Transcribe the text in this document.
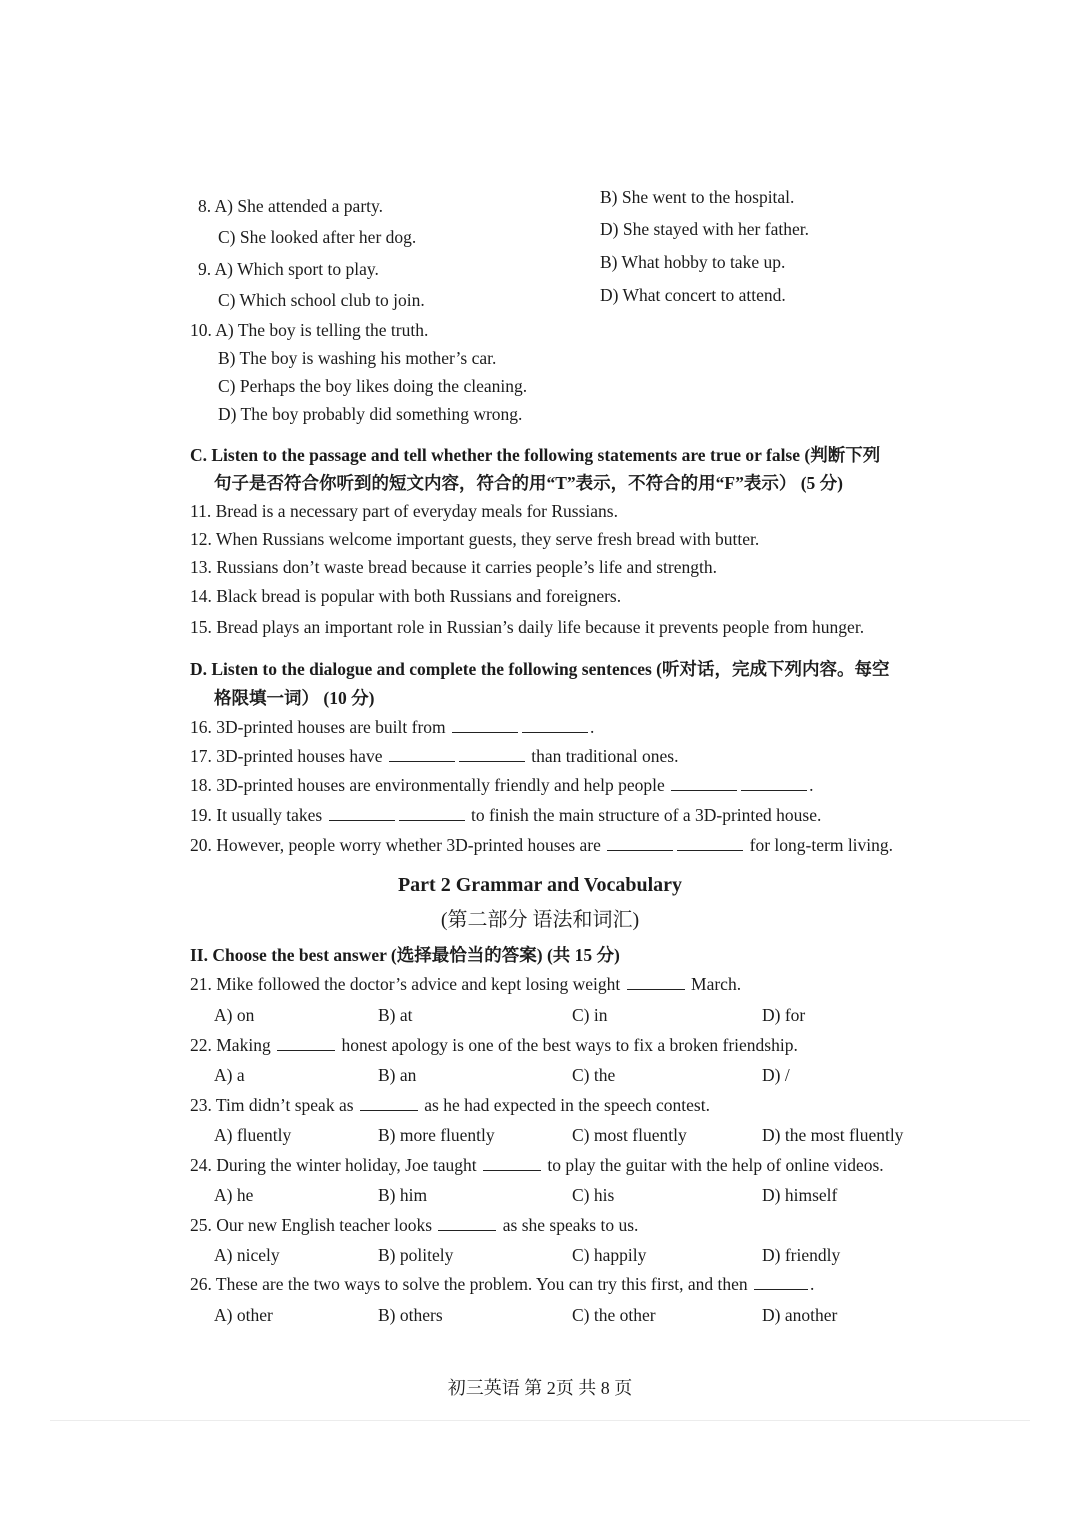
8. A) She attended a party.	B) She went to the hospital.
C) She looked after her dog.	D) She stayed with her father.
9. A) Which sport to play.	B) What hobby to take up.
C) Which school club to join.	D) What concert to attend.
10. A) The boy is telling the truth.
B) The boy is washing his mother’s car.
C) Perhaps the boy likes doing the cleaning.
D) The boy probably did something wrong.
C. Listen to the passage and tell whether the following statements are true or false (判断下列
句子是否符合你听到的短文内容，符合的用“T”表示，不符合的用“F”表示） (5 分)
11. Bread is a necessary part of everyday meals for Russians.
12. When Russians welcome important guests, they serve fresh bread with butter.
13. Russians don’t waste bread because it carries people’s life and strength.
14. Black bread is popular with both Russians and foreigners.
15. Bread plays an important role in Russian’s daily life because it prevents people from hunger.
D. Listen to the dialogue and complete the following sentences (听对话，完成下列内容。每空
格限填一词） (10 分)
16. 3D-printed houses are built from	.
17. 3D-printed houses have	than traditional ones.
18. 3D-printed houses are environmentally friendly and help people	.
19. It usually takes	to finish the main structure of a 3D-printed house.
20. However, people worry whether 3D-printed houses are	for long-term living.
Part 2 Grammar and Vocabulary
(第二部分 语法和词汇)
II. Choose the best answer (选择最恰当的答案) (共 15 分)
21. Mike followed the doctor’s advice and kept losing weight	March.
A) on	B) at	C) in	D) for
22. Making	honest apology is one of the best ways to fix a broken friendship.
A) a	B) an	C) the	D) /
23. Tim didn’t speak as	as he had expected in the speech contest.
A) fluently	B) more fluently	C) most fluently	D) the most fluently
24. During the winter holiday, Joe taught	to play the guitar with the help of online videos.
A) he	B) him	C) his	D) himself
25. Our new English teacher looks	as she speaks to us.
A) nicely	B) politely	C) happily	D) friendly
26. These are the two ways to solve the problem. You can try this first, and then	.
A) other	B) others	C) the other	D) another
初三英语 第 2页 共 8 页
